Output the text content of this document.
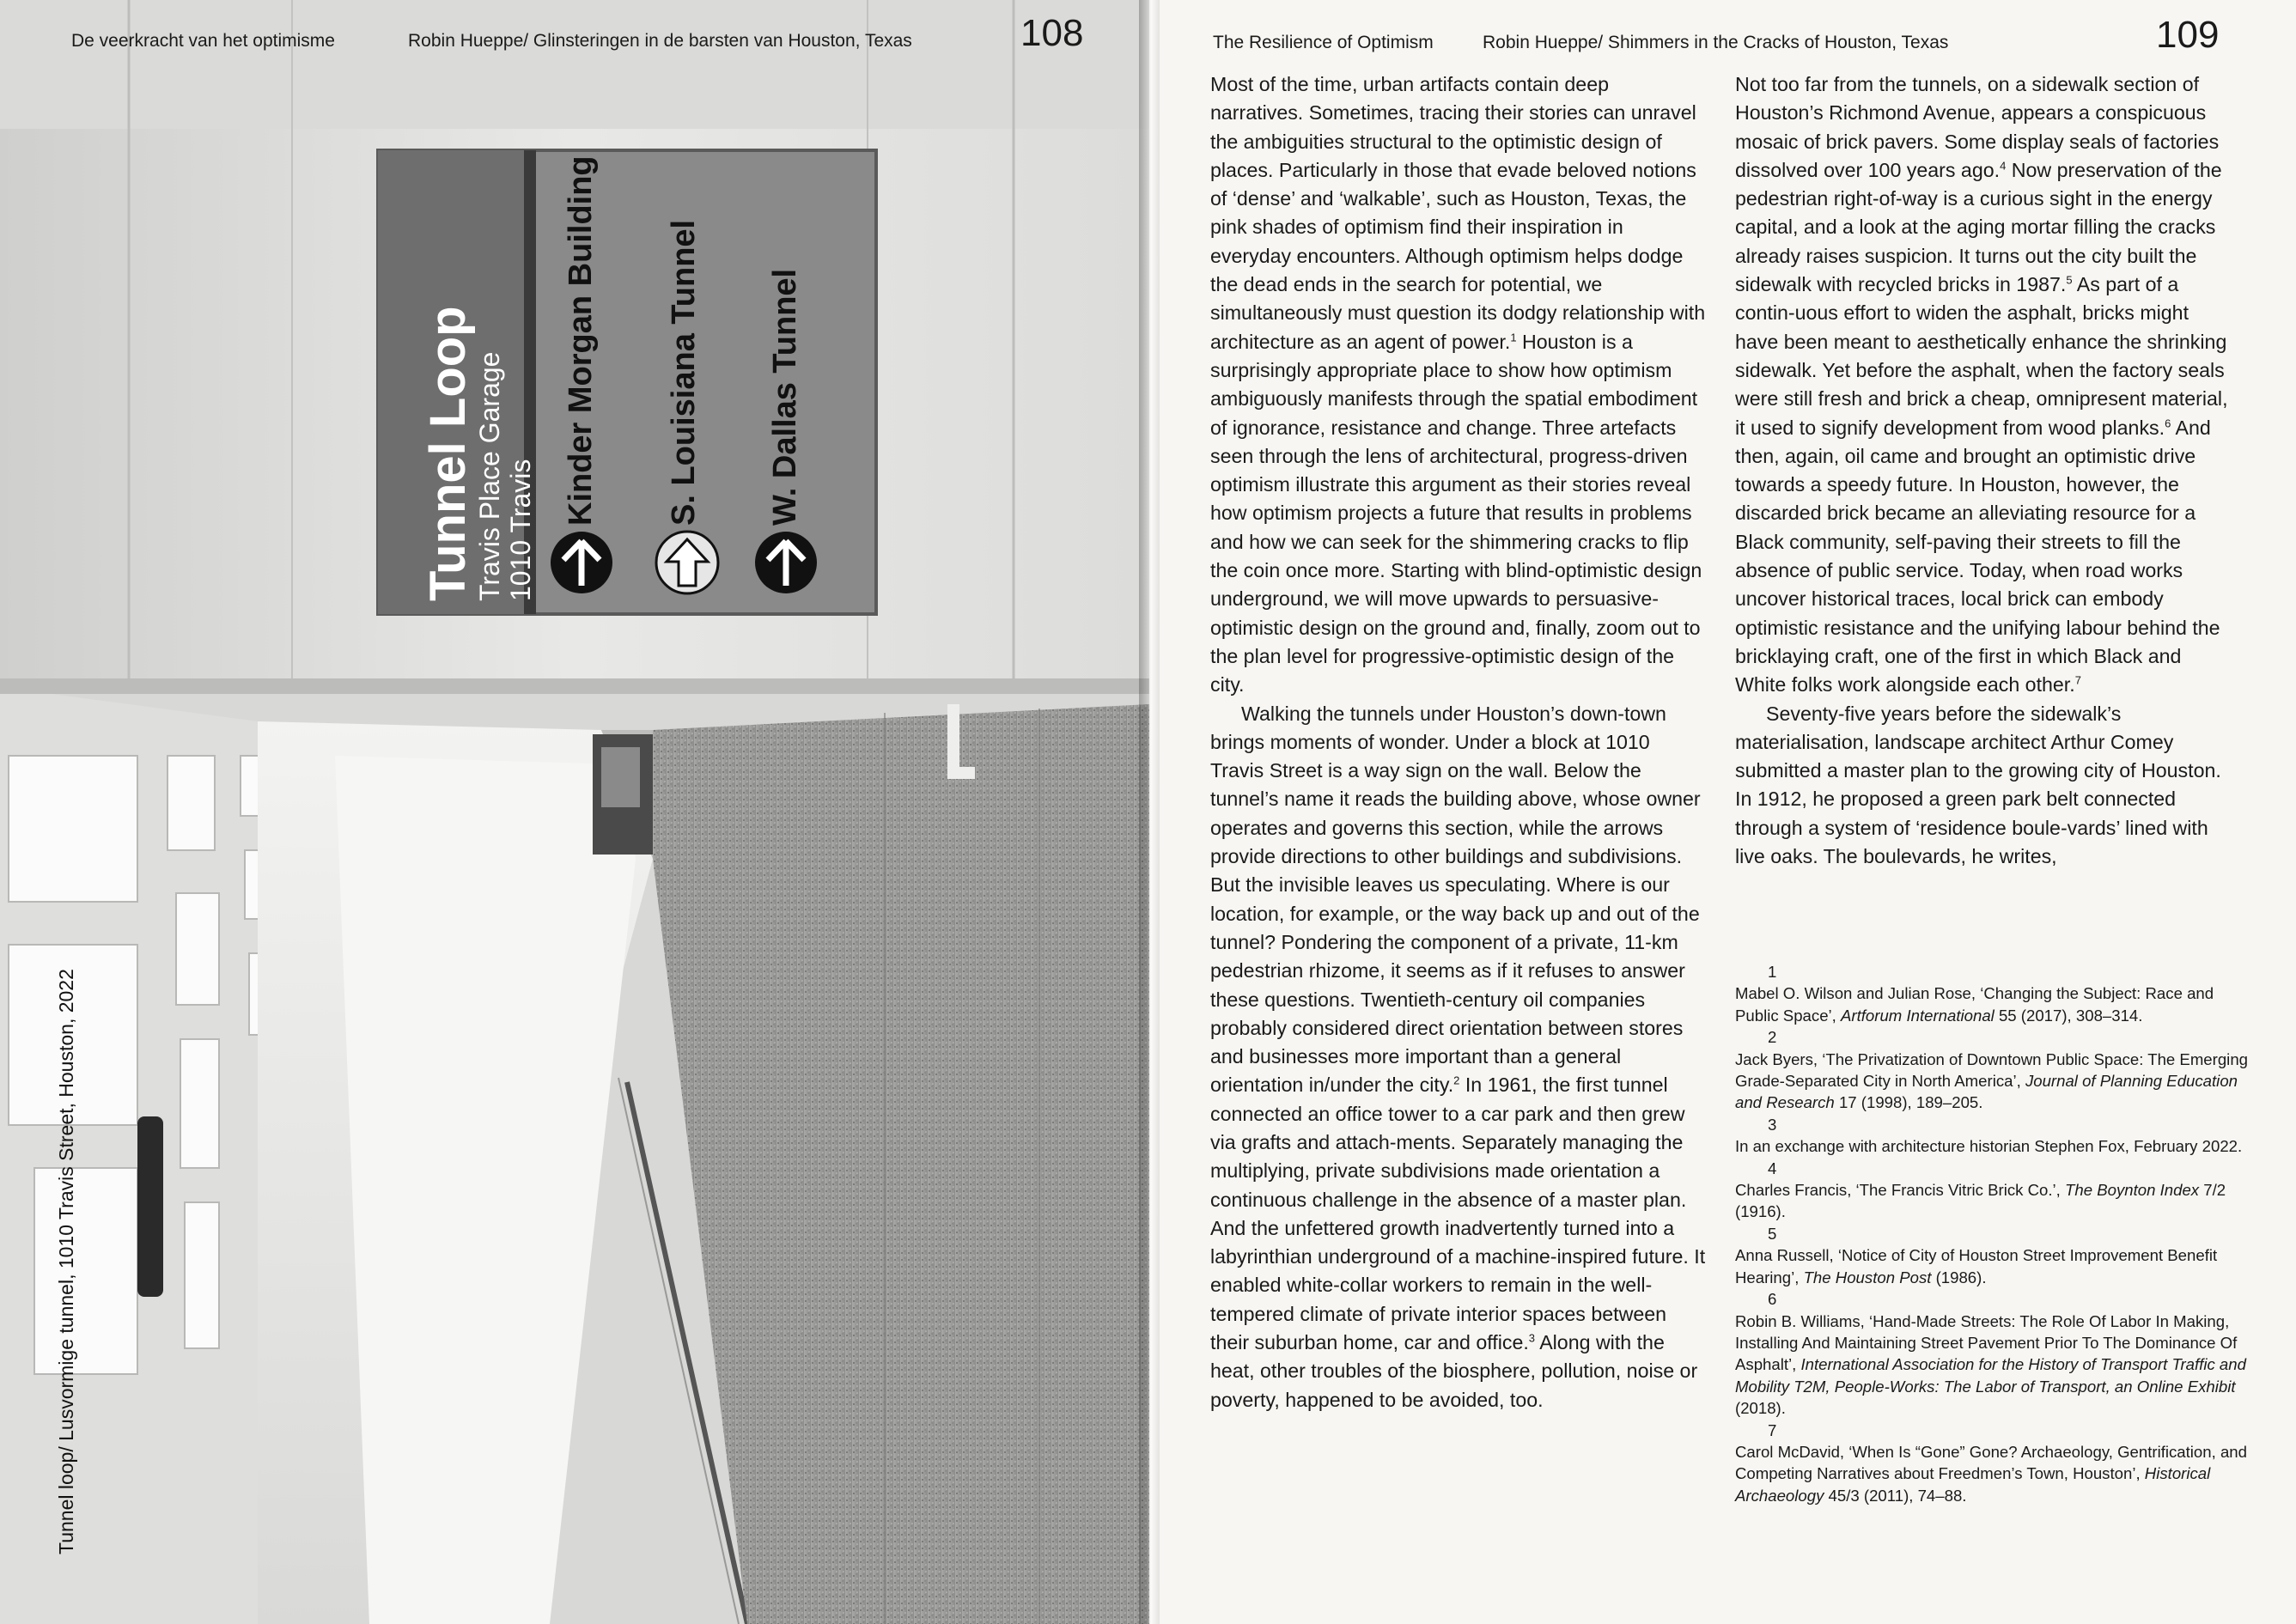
Tunnel Loop
Travis Place Garage 1010 Travis
Kinder Morgan Building S. Louisiana Tunnel W. Dallas Tunnel
De veerkracht van het optimisme	Robin Hueppe/ Glinsteringen in de barsten van Houston, Texas	108
Tunnel loop/ Lusvormige tunnel, 1010 Travis Street, Houston, 2022
The Resilience of Optimism	Robin Hueppe/ Shimmers in the Cracks of Houston, Texas	109

Most of the time, urban artifacts contain deep narratives. Sometimes, tracing their stories can unravel the ambiguities structural to the optimistic design of places. Particularly in those that evade beloved notions of ‘dense’ and ‘walkable’, such as Houston, Texas, the pink shades of optimism find their inspiration in everyday encounters. Although optimism helps dodge the dead ends in the search for potential, we simultaneously must question its dodgy relationship with architecture as an agent of power.$^1$ Houston is a surprisingly appropriate place to show how optimism ambiguously manifests through the spatial embodiment of ignorance, resistance and change. Three artefacts seen through the lens of architectural, progress-driven optimism illustrate this argument as their stories reveal how optimism projects a future that results in problems and how we can seek for the shimmering cracks to flip the coin once more. Starting with blind-optimistic design underground, we will move upwards to persuasive-optimistic design on the ground and, finally, zoom out to the plan level for progressive-optimistic design of the city.

Walking the tunnels under Houston’s down-town brings moments of wonder. Under a block at 1010 Travis Street is a way sign on the wall. Below the tunnel’s name it reads the building above, whose owner operates and governs this section, while the arrows provide directions to other buildings and subdivisions. But the invisible leaves us speculating. Where is our location, for example, or the way back up and out of the tunnel? Pondering the component of a private, 11-km pedestrian rhizome, it seems as if it refuses to answer these questions. Twentieth-century oil companies probably considered direct orientation between stores and businesses more important than a general orientation in/under the city.$^2$ In 1961, the first tunnel connected an office tower to a car park and then grew via grafts and attach-ments. Separately managing the multiplying, private subdivisions made orientation a continuous challenge in the absence of a master plan. And the unfettered growth inadvertently turned into a labyrinthian underground of a machine-inspired future. It enabled white-collar workers to remain in the well-tempered climate of private interior spaces between their suburban home, car and office.$^3$ Along with the heat, other troubles of the biosphere, pollution, noise or poverty, happened to be avoided, too.

Not too far from the tunnels, on a sidewalk section of Houston’s Richmond Avenue, appears a conspicuous mosaic of brick pavers. Some display seals of factories dissolved over 100 years ago.$^4$ Now preservation of the pedestrian right-of-way is a curious sight in the energy capital, and a look at the aging mortar filling the cracks already raises suspicion. It turns out the city built the sidewalk with recycled bricks in 1987.$^5$ As part of a contin-uous effort to widen the asphalt, bricks might have been meant to aesthetically enhance the shrinking sidewalk. Yet before the asphalt, when the factory seals were still fresh and brick a cheap, omnipresent material, it used to signify development from wood planks.$^6$ And then, again, oil came and brought an optimistic drive towards a speedy future. In Houston, however, the discarded brick became an alleviating resource for a Black community, self-paving their streets to fill the absence of public service. Today, when road works uncover historical traces, local brick can embody optimistic resistance and the unifying labour behind the bricklaying craft, one of the first in which Black and White folks work alongside each other.$^7$

Seventy-five years before the sidewalk’s materialisation, landscape architect Arthur Comey submitted a master plan to the growing city of Houston. In 1912, he proposed a green park belt connected through a system of ‘residence boule-vards’ lined with live oaks. The boulevards, he writes,

1
Mabel O. Wilson and Julian Rose, ‘Changing the Subject: Race and Public Space’, Artforum International 55 (2017), 308–314.
2
Jack Byers, ‘The Privatization of Downtown Public Space: The Emerging Grade-Separated City in North America’, Journal of Planning Education and Research 17 (1998), 189–205.
3
In an exchange with architecture historian Stephen Fox, February 2022.
4
Charles Francis, ‘The Francis Vitric Brick Co.’, The Boynton Index 7/2 (1916).
5
Anna Russell, ‘Notice of City of Houston Street Improvement Benefit Hearing’, The Houston Post (1986).
6
Robin B. Williams, ‘Hand-Made Streets: The Role Of Labor In Making, Installing And Maintaining Street Pavement Prior To The Dominance Of Asphalt’, International Association for the History of Transport Traffic and Mobility T2M, People-Works: The Labor of Transport, an Online Exhibit (2018).
7
Carol McDavid, ‘When Is “Gone” Gone? Archaeology, Gentrification, and Competing Narratives about Freedmen’s Town, Houston’, Historical Archaeology 45/3 (2011), 74–88.
